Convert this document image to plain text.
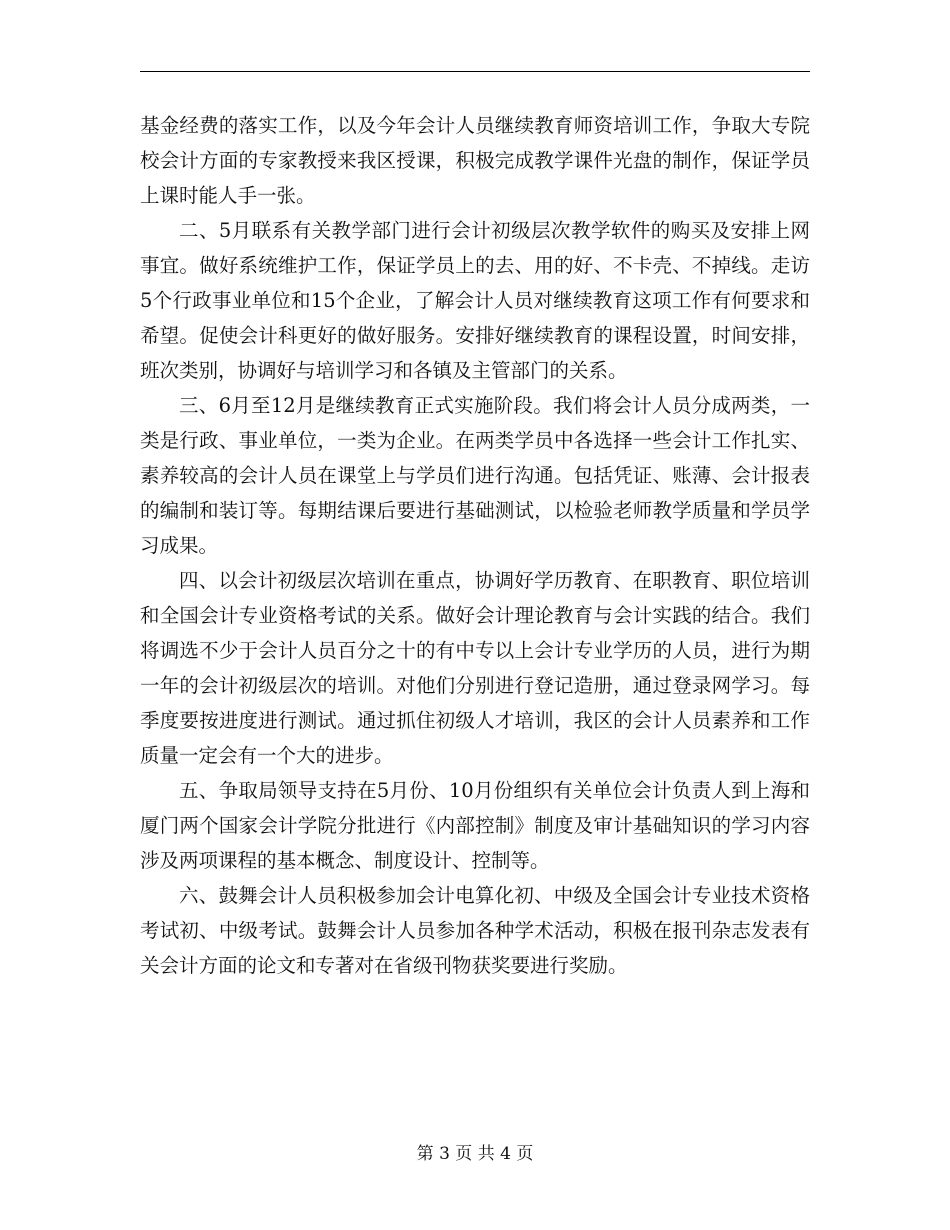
基金经费的落实工作，以及今年会计人员继续教育师资培训工作，争取大专院校会计方面的专家教授来我区授课，积极完成教学课件光盘的制作，保证学员上课时能人手一张。

二、5月联系有关教学部门进行会计初级层次教学软件的购买及安排上网事宜。做好系统维护工作，保证学员上的去、用的好、不卡壳、不掉线。走访5个行政事业单位和15个企业，了解会计人员对继续教育这项工作有何要求和希望。促使会计科更好的做好服务。安排好继续教育的课程设置，时间安排，班次类别，协调好与培训学习和各镇及主管部门的关系。

三、6月至12月是继续教育正式实施阶段。我们将会计人员分成两类，一类是行政、事业单位，一类为企业。在两类学员中各选择一些会计工作扎实、素养较高的会计人员在课堂上与学员们进行沟通。包括凭证、账薄、会计报表的编制和装订等。每期结课后要进行基础测试，以检验老师教学质量和学员学习成果。

四、以会计初级层次培训在重点，协调好学历教育、在职教育、职位培训和全国会计专业资格考试的关系。做好会计理论教育与会计实践的结合。我们将调选不少于会计人员百分之十的有中专以上会计专业学历的人员，进行为期一年的会计初级层次的培训。对他们分别进行登记造册，通过登录网学习。每季度要按进度进行测试。通过抓住初级人才培训，我区的会计人员素养和工作质量一定会有一个大的进步。

五、争取局领导支持在5月份、10月份组织有关单位会计负责人到上海和厦门两个国家会计学院分批进行《内部控制》制度及审计基础知识的学习内容涉及两项课程的基本概念、制度设计、控制等。

六、鼓舞会计人员积极参加会计电算化初、中级及全国会计专业技术资格考试初、中级考试。鼓舞会计人员参加各种学术活动，积极在报刊杂志发表有关会计方面的论文和专著对在省级刊物获奖要进行奖励。

第 3 页 共 4 页
